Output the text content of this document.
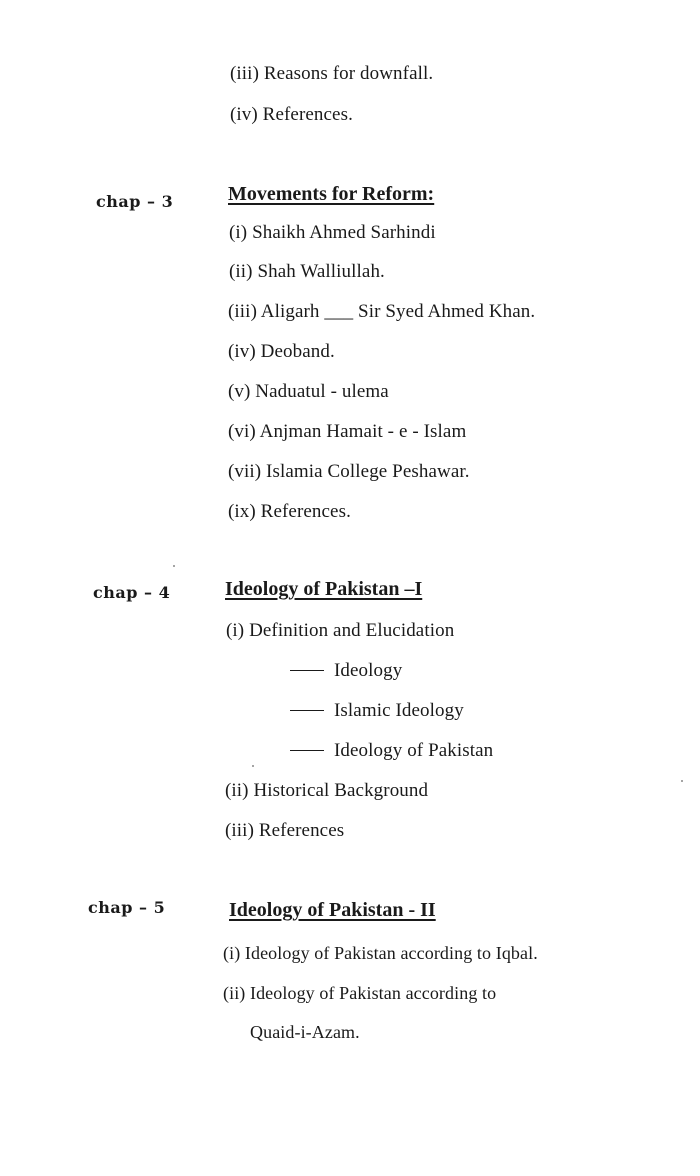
(iii) Reasons for downfall.
(iv) References.
chap – 3	Movements for Reform:
(i) Shaikh Ahmed Sarhindi
(ii) Shah Walliullah.
(iii) Aligarh ___ Sir Syed Ahmed Khan.
(iv) Deoband.
(v) Naduatul - ulema
(vi) Anjman Hamait - e - Islam
(vii) Islamia College Peshawar.
(ix) References.
chap – 4	Ideology of Pakistan –I
(i) Definition and Elucidation
Ideology
Islamic Ideology
Ideology of Pakistan
(ii) Historical Background
(iii) References
chap – 5	Ideology of Pakistan - II
(i) Ideology of Pakistan according to Iqbal.
(ii) Ideology of Pakistan according to
Quaid-i-Azam.
